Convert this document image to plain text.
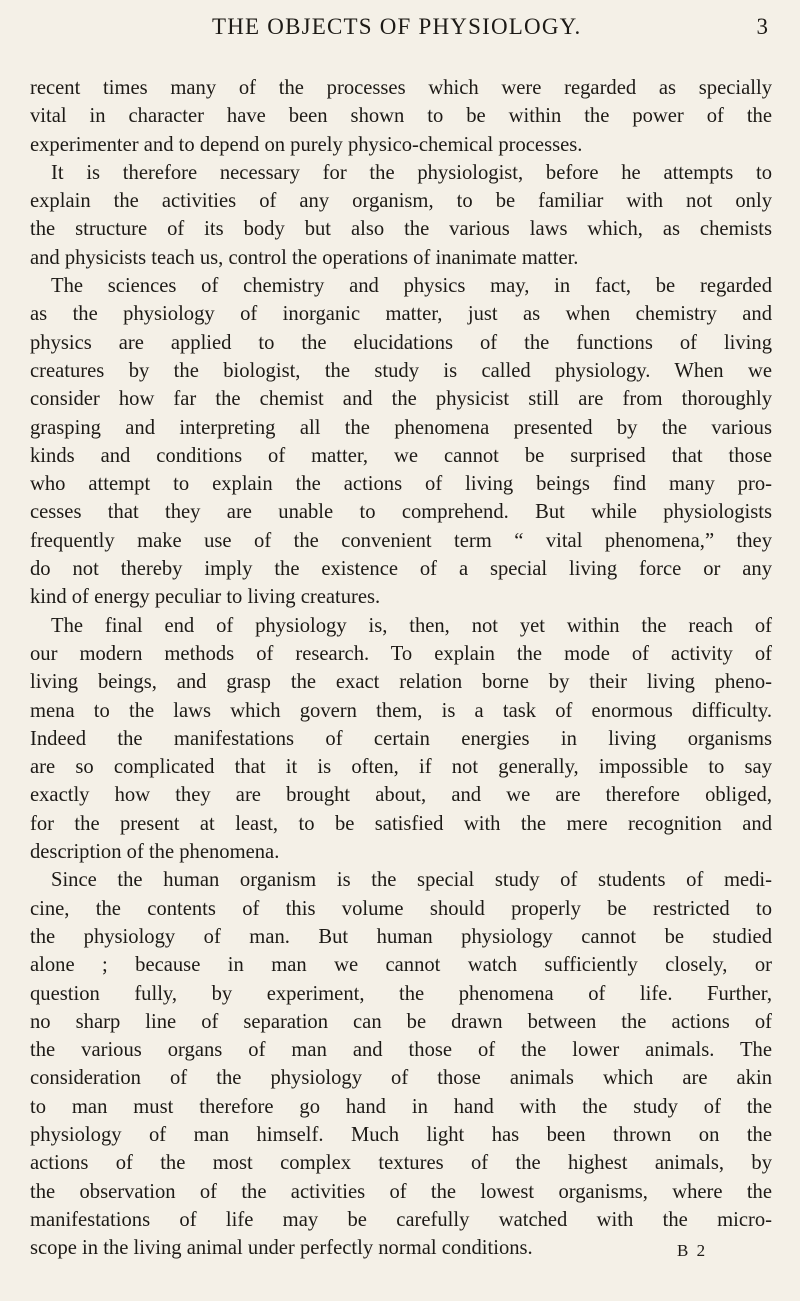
THE OBJECTS OF PHYSIOLOGY.	3
recent times many of the processes which were regarded as specially
vital in character have been shown to be within the power of the
experimenter and to depend on purely physico-chemical processes.
It is therefore necessary for the physiologist, before he attempts to
explain the activities of any organism, to be familiar with not only
the structure of its body but also the various laws which, as chemists
and physicists teach us, control the operations of inanimate matter.
The sciences of chemistry and physics may, in fact, be regarded
as the physiology of inorganic matter, just as when chemistry and
physics are applied to the elucidations of the functions of living
creatures by the biologist, the study is called physiology. When we
consider how far the chemist and the physicist still are from thoroughly
grasping and interpreting all the phenomena presented by the various
kinds and conditions of matter, we cannot be surprised that those
who attempt to explain the actions of living beings find many pro-
cesses that they are unable to comprehend. But while physiologists
frequently make use of the convenient term “ vital phenomena,” they
do not thereby imply the existence of a special living force or any
kind of energy peculiar to living creatures.
The final end of physiology is, then, not yet within the reach of
our modern methods of research. To explain the mode of activity of
living beings, and grasp the exact relation borne by their living pheno-
mena to the laws which govern them, is a task of enormous difficulty.
Indeed the manifestations of certain energies in living organisms
are so complicated that it is often, if not generally, impossible to say
exactly how they are brought about, and we are therefore obliged,
for the present at least, to be satisfied with the mere recognition and
description of the phenomena.
Since the human organism is the special study of students of medi-
cine, the contents of this volume should properly be restricted to
the physiology of man. But human physiology cannot be studied
alone ; because in man we cannot watch sufficiently closely, or
question fully, by experiment, the phenomena of life. Further,
no sharp line of separation can be drawn between the actions of
the various organs of man and those of the lower animals. The
consideration of the physiology of those animals which are akin
to man must therefore go hand in hand with the study of the
physiology of man himself. Much light has been thrown on the
actions of the most complex textures of the highest animals, by
the observation of the activities of the lowest organisms, where the
manifestations of life may be carefully watched with the micro-
scope in the living animal under perfectly normal conditions.	B 2
